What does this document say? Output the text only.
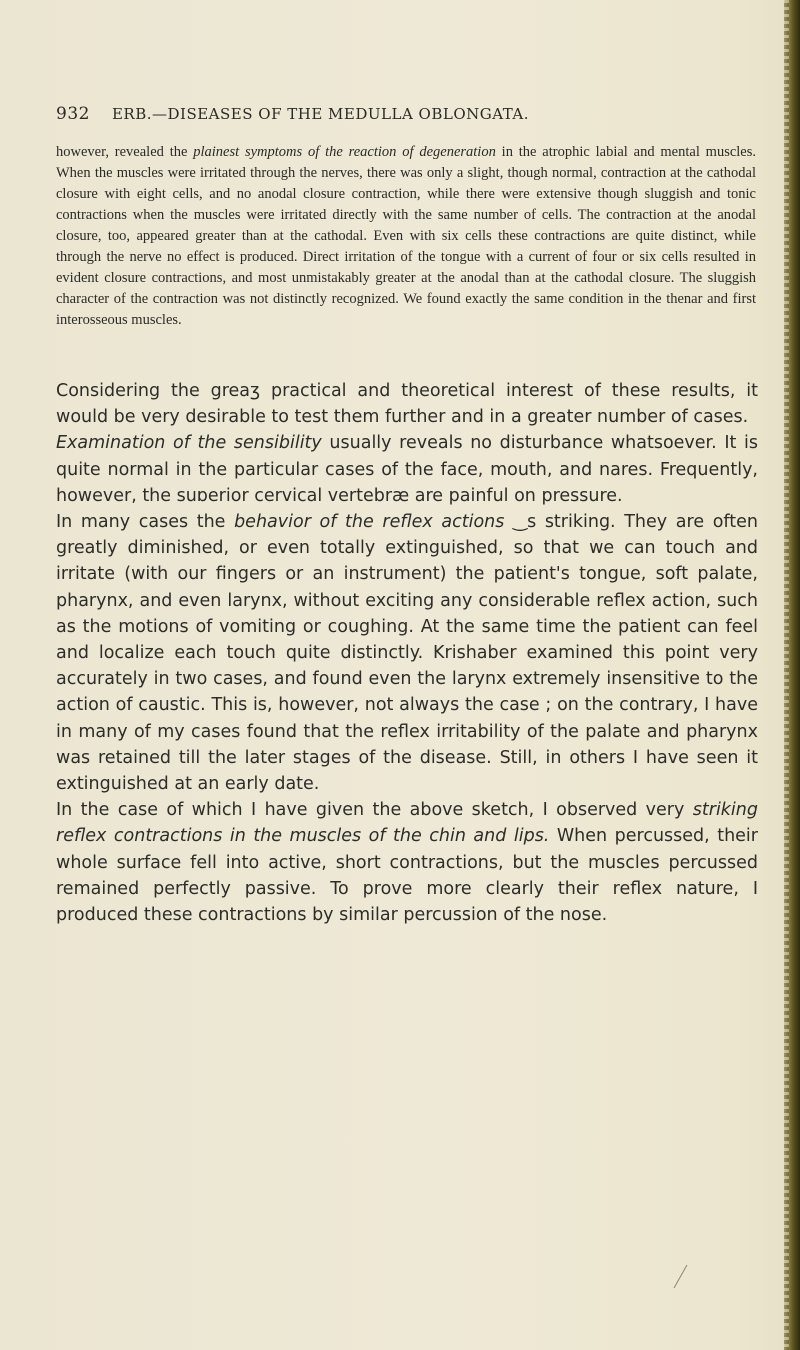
932 ERB.—DISEASES OF THE MEDULLA OBLONGATA.

however, revealed the plainest symptoms of the reaction of degeneration in the atrophic labial and mental muscles. When the muscles were irritated through the nerves, there was only a slight, though normal, contraction at the cathodal closure with eight cells, and no anodal closure contraction, while there were extensive though sluggish and tonic contractions when the muscles were irritated directly with the same number of cells. The contraction at the anodal closure, too, appeared greater than at the cathodal. Even with six cells these contractions are quite distinct, while through the nerve no effect is produced. Direct irritation of the tongue with a current of four or six cells resulted in evident closure contractions, and most unmistakably greater at the anodal than at the cathodal closure. The sluggish character of the contraction was not distinctly recognized. We found exactly the same condition in the thenar and first interosseous muscles.

Considering the greaʒ practical and theoretical interest of these results, it would be very desirable to test them further and in a greater number of cases.

Examination of the sensibility usually reveals no disturbance whatsoever. It is quite normal in the particular cases of the face, mouth, and nares. Frequently, however, the suɒerior cervical vertebræ are painful on pressure.

In many cases the behavior of the reflex actions ‿s striking. They are often greatly diminished, or even totally extinguished, so that we can touch and irritate (with our fingers or an instrument) the patient's tongue, soft palate, pharynx, and even larynx, without exciting any considerable reflex action, such as the motions of vomiting or coughing. At the same time the patient can feel and localize each touch quite distinctly. Krishaber examined this point very accurately in two cases, and found even the larynx extremely insensitive to the action of caustic. This is, however, not always the case ; on the contrary, I have in many of my cases found that the reflex irritability of the palate and pharynx was retained till the later stages of the disease. Still, in others I have seen it extinguished at an early date.

In the case of which I have given the above sketch, I observed very striking reflex contractions in the muscles of the chin and lips. When percussed, their whole surface fell into active, short contractions, but the muscles percussed remained perfectly passive. To prove more clearly their reflex nature, I produced these contractions by similar percussion of the nose.
